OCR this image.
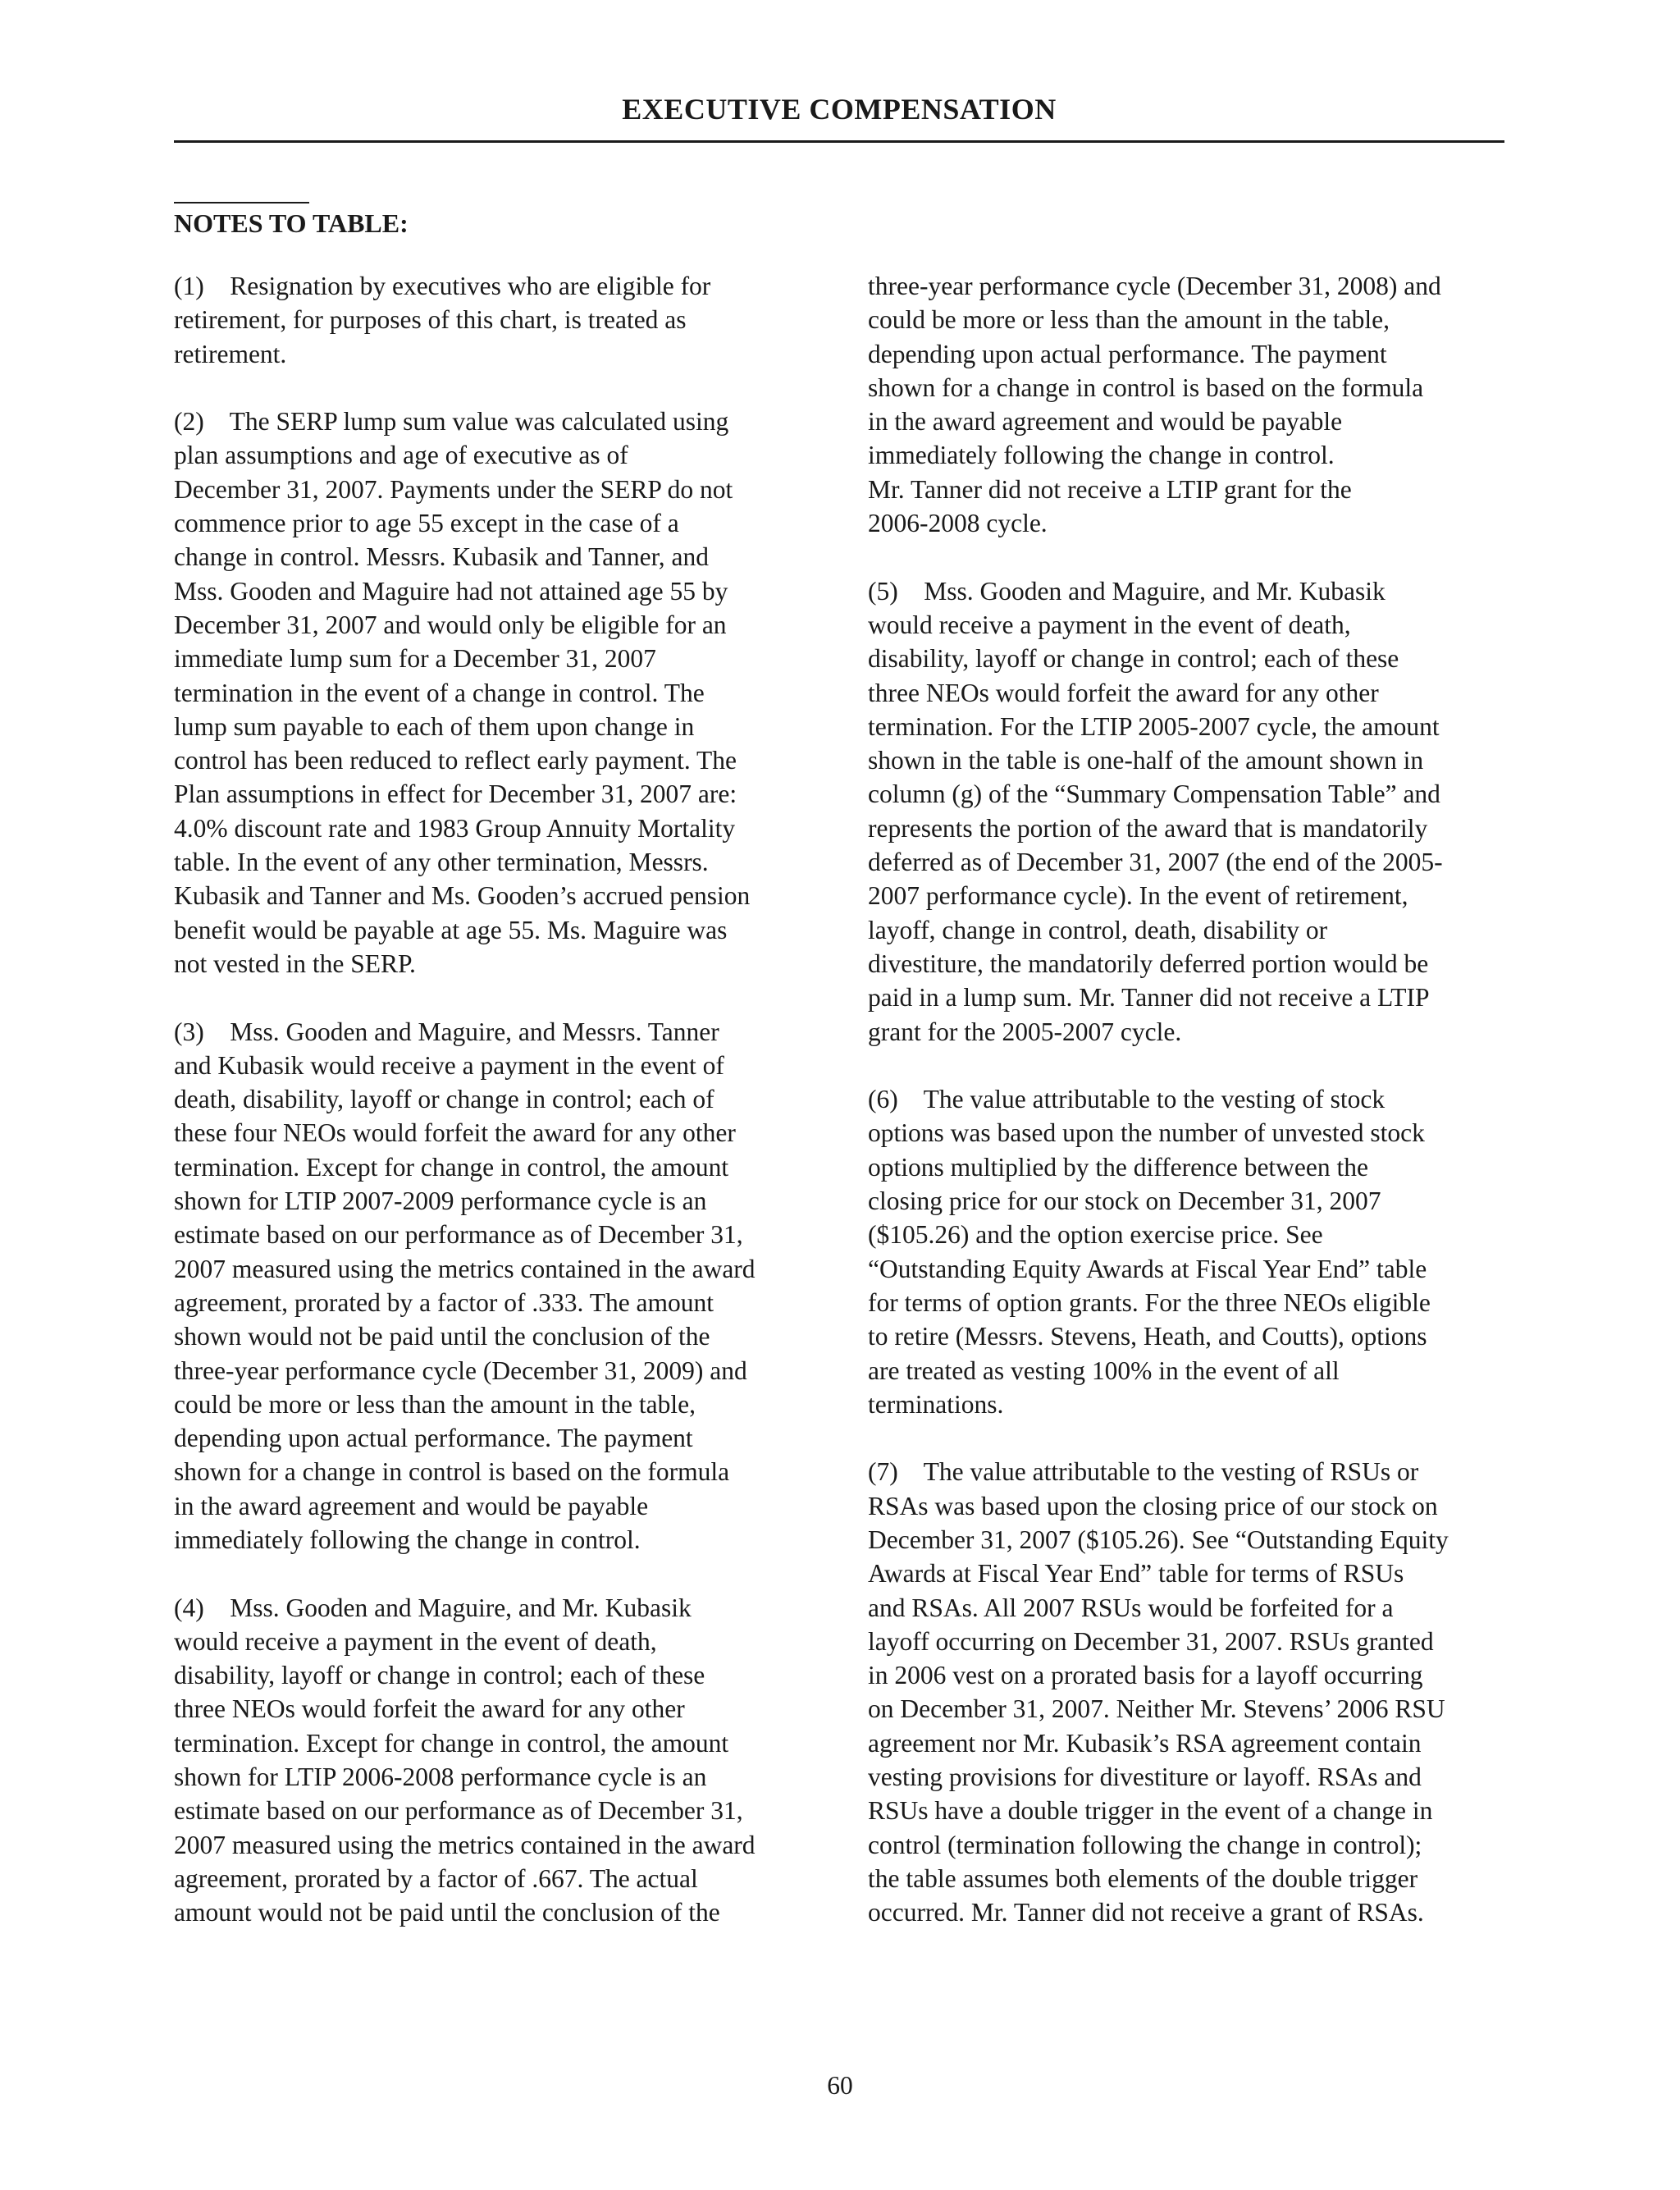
EXECUTIVE COMPENSATION
NOTES TO TABLE:

(1)    Resignation by executives who are eligible for
retirement, for purposes of this chart, is treated as
retirement.

(2)    The SERP lump sum value was calculated using
plan assumptions and age of executive as of
December 31, 2007. Payments under the SERP do not
commence prior to age 55 except in the case of a
change in control. Messrs. Kubasik and Tanner, and
Mss. Gooden and Maguire had not attained age 55 by
December 31, 2007 and would only be eligible for an
immediate lump sum for a December 31, 2007
termination in the event of a change in control. The
lump sum payable to each of them upon change in
control has been reduced to reflect early payment. The
Plan assumptions in effect for December 31, 2007 are:
4.0% discount rate and 1983 Group Annuity Mortality
table. In the event of any other termination, Messrs.
Kubasik and Tanner and Ms. Gooden’s accrued pension
benefit would be payable at age 55. Ms. Maguire was
not vested in the SERP.

(3)    Mss. Gooden and Maguire, and Messrs. Tanner
and Kubasik would receive a payment in the event of
death, disability, layoff or change in control; each of
these four NEOs would forfeit the award for any other
termination. Except for change in control, the amount
shown for LTIP 2007-2009 performance cycle is an
estimate based on our performance as of December 31,
2007 measured using the metrics contained in the award
agreement, prorated by a factor of .333. The amount
shown would not be paid until the conclusion of the
three-year performance cycle (December 31, 2009) and
could be more or less than the amount in the table,
depending upon actual performance. The payment
shown for a change in control is based on the formula
in the award agreement and would be payable
immediately following the change in control.

(4)    Mss. Gooden and Maguire, and Mr. Kubasik
would receive a payment in the event of death,
disability, layoff or change in control; each of these
three NEOs would forfeit the award for any other
termination. Except for change in control, the amount
shown for LTIP 2006-2008 performance cycle is an
estimate based on our performance as of December 31,
2007 measured using the metrics contained in the award
agreement, prorated by a factor of .667. The actual
amount would not be paid until the conclusion of the

three-year performance cycle (December 31, 2008) and
could be more or less than the amount in the table,
depending upon actual performance. The payment
shown for a change in control is based on the formula
in the award agreement and would be payable
immediately following the change in control.
Mr. Tanner did not receive a LTIP grant for the
2006-2008 cycle.

(5)    Mss. Gooden and Maguire, and Mr. Kubasik
would receive a payment in the event of death,
disability, layoff or change in control; each of these
three NEOs would forfeit the award for any other
termination. For the LTIP 2005-2007 cycle, the amount
shown in the table is one-half of the amount shown in
column (g) of the “Summary Compensation Table” and
represents the portion of the award that is mandatorily
deferred as of December 31, 2007 (the end of the 2005-
2007 performance cycle). In the event of retirement,
layoff, change in control, death, disability or
divestiture, the mandatorily deferred portion would be
paid in a lump sum. Mr. Tanner did not receive a LTIP
grant for the 2005-2007 cycle.

(6)    The value attributable to the vesting of stock
options was based upon the number of unvested stock
options multiplied by the difference between the
closing price for our stock on December 31, 2007
($105.26) and the option exercise price. See
“Outstanding Equity Awards at Fiscal Year End” table
for terms of option grants. For the three NEOs eligible
to retire (Messrs. Stevens, Heath, and Coutts), options
are treated as vesting 100% in the event of all
terminations.

(7)    The value attributable to the vesting of RSUs or
RSAs was based upon the closing price of our stock on
December 31, 2007 ($105.26). See “Outstanding Equity
Awards at Fiscal Year End” table for terms of RSUs
and RSAs. All 2007 RSUs would be forfeited for a
layoff occurring on December 31, 2007. RSUs granted
in 2006 vest on a prorated basis for a layoff occurring
on December 31, 2007. Neither Mr. Stevens’ 2006 RSU
agreement nor Mr. Kubasik’s RSA agreement contain
vesting provisions for divestiture or layoff. RSAs and
RSUs have a double trigger in the event of a change in
control (termination following the change in control);
the table assumes both elements of the double trigger
occurred. Mr. Tanner did not receive a grant of RSAs.

60
